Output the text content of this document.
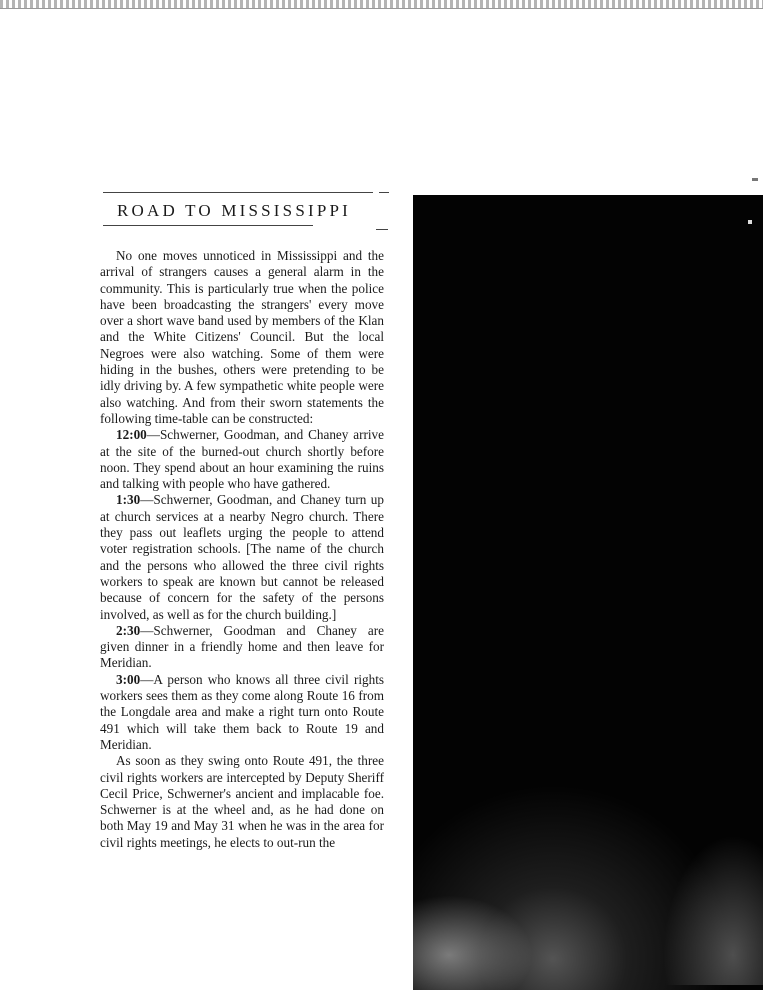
ROAD TO MISSISSIPPI

No one moves unnoticed in Mississippi and the arrival of strangers causes a general alarm in the community. This is particularly true when the police have been broadcasting the strangers' every move over a short wave band used by members of the Klan and the White Citizens' Council. But the local Negroes were also watching. Some of them were hiding in the bushes, others were pretending to be idly driving by. A few sympathetic white people were also watching. And from their sworn statements the following time-table can be constructed:

12:00—Schwerner, Goodman, and Chaney arrive at the site of the burned-out church shortly before noon. They spend about an hour examining the ruins and talking with people who have gathered.

1:30—Schwerner, Goodman, and Chaney turn up at church services at a nearby Negro church. There they pass out leaflets urging the people to attend voter registration schools. [The name of the church and the persons who allowed the three civil rights workers to speak are known but cannot be released because of concern for the safety of the persons involved, as well as for the church building.]

2:30—Schwerner, Goodman and Chaney are given dinner in a friendly home and then leave for Meridian.

3:00—A person who knows all three civil rights workers sees them as they come along Route 16 from the Longdale area and make a right turn onto Route 491 which will take them back to Route 19 and Meridian.

As soon as they swing onto Route 491, the three civil rights workers are intercepted by Deputy Sheriff Cecil Price, Schwerner's ancient and implacable foe. Schwerner is at the wheel and, as he had done on both May 19 and May 31 when he was in the area for civil rights meetings, he elects to out-run the
